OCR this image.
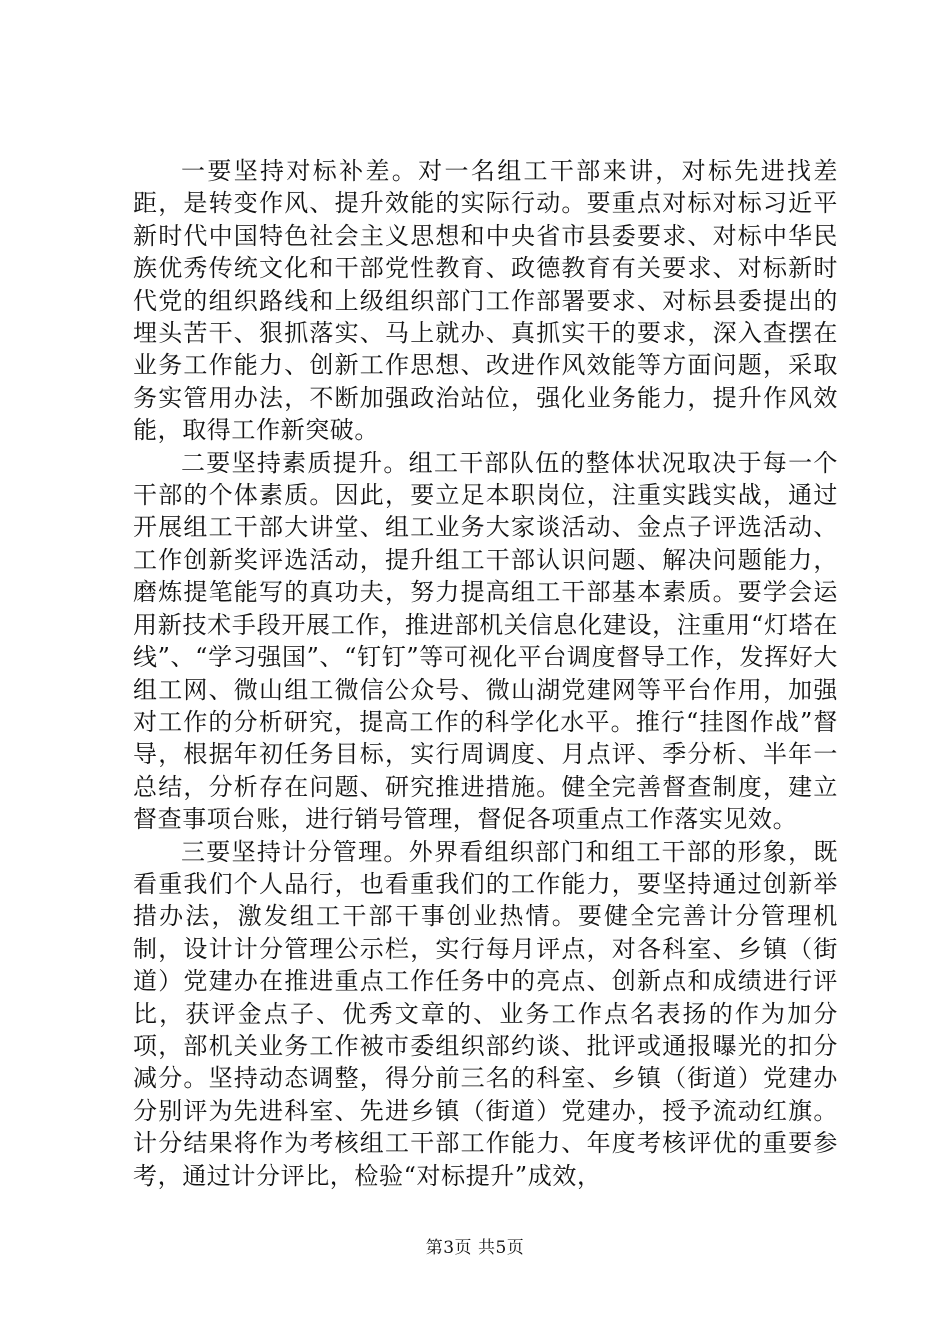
一要坚持对标补差。对一名组工干部来讲，对标先进找差距，是转变作风、提升效能的实际行动。要重点对标对标习近平新时代中国特色社会主义思想和中央省市县委要求、对标中华民族优秀传统文化和干部党性教育、政德教育有关要求、对标新时代党的组织路线和上级组织部门工作部署要求、对标县委提出的埋头苦干、狠抓落实、马上就办、真抓实干的要求，深入查摆在业务工作能力、创新工作思想、改进作风效能等方面问题，采取务实管用办法，不断加强政治站位，强化业务能力，提升作风效能，取得工作新突破。

二要坚持素质提升。组工干部队伍的整体状况取决于每一个干部的个体素质。因此，要立足本职岗位，注重实践实战，通过开展组工干部大讲堂、组工业务大家谈活动、金点子评选活动、工作创新奖评选活动，提升组工干部认识问题、解决问题能力，磨炼提笔能写的真功夫，努力提高组工干部基本素质。要学会运用新技术手段开展工作，推进部机关信息化建设，注重用“灯塔在线”、“学习强国”、“钉钉”等可视化平台调度督导工作，发挥好大组工网、微山组工微信公众号、微山湖党建网等平台作用，加强对工作的分析研究，提高工作的科学化水平。推行“挂图作战”督导，根据年初任务目标，实行周调度、月点评、季分析、半年一总结，分析存在问题、研究推进措施。健全完善督查制度，建立督查事项台账，进行销号管理，督促各项重点工作落实见效。

三要坚持计分管理。外界看组织部门和组工干部的形象，既看重我们个人品行，也看重我们的工作能力，要坚持通过创新举措办法，激发组工干部干事创业热情。要健全完善计分管理机制，设计计分管理公示栏，实行每月评点，对各科室、乡镇（街道）党建办在推进重点工作任务中的亮点、创新点和成绩进行评比，获评金点子、优秀文章的、业务工作点名表扬的作为加分项，部机关业务工作被市委组织部约谈、批评或通报曝光的扣分减分。坚持动态调整，得分前三名的科室、乡镇（街道）党建办分别评为先进科室、先进乡镇（街道）党建办，授予流动红旗。计分结果将作为考核组工干部工作能力、年度考核评优的重要参考，通过计分评比，检验“对标提升”成效，

第3页 共5页
